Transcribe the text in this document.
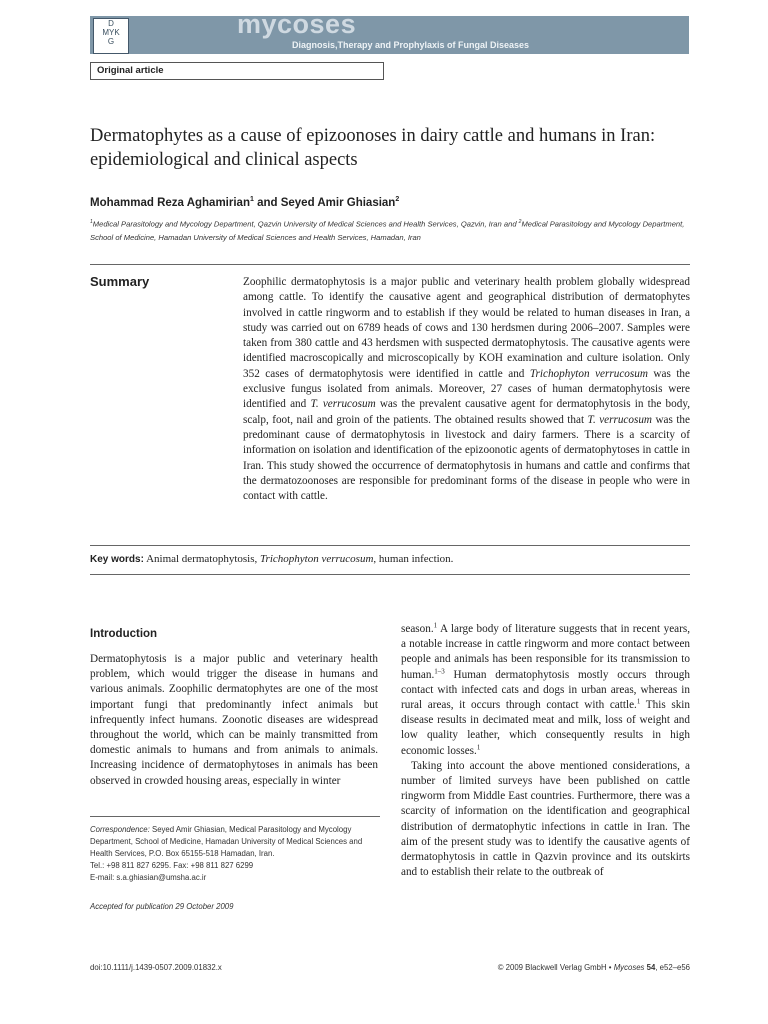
D
MYK
G
mycoses
Diagnosis,Therapy and Prophylaxis of Fungal Diseases
Original article
Dermatophytes as a cause of epizoonoses in dairy cattle and humans in Iran: epidemiological and clinical aspects
Mohammad Reza Aghamirian$^1$ and Seyed Amir Ghiasian$^2$
$^1$Medical Parasitology and Mycology Department, Qazvin University of Medical Sciences and Health Services, Qazvin, Iran and $^2$Medical Parasitology and Mycology Department, School of Medicine, Hamadan University of Medical Sciences and Health Services, Hamadan, Iran
Summary	Zoophilic dermatophytosis is a major public and veterinary health problem globally widespread among cattle. To identify the causative agent and geographical distribution of dermatophytes involved in cattle ringworm and to establish if they would be related to human diseases in Iran, a study was carried out on 6789 heads of cows and 130 herdsmen during 2006–2007. Samples were taken from 380 cattle and 43 herdsmen with suspected dermatophytosis. The causative agents were identified macroscopically and microscopically by KOH examination and culture isolation. Only 352 cases of dermatophytosis were identified in cattle and Trichophyton verrucosum was the exclusive fungus isolated from animals. Moreover, 27 cases of human dermatophytosis were identified and T. verrucosum was the prevalent causative agent for dermatophytosis in the body, scalp, foot, nail and groin of the patients. The obtained results showed that T. verrucosum was the predominant cause of dermatophytosis in livestock and dairy farmers. There is a scarcity of information on isolation and identification of the epizoonotic agents of dermatophytoses in cattle in Iran. This study showed the occurrence of dermatophytosis in humans and cattle and confirms that the dermatozoonoses are responsible for predominant forms of the disease in people who were in contact with cattle.

Key words: Animal dermatophytosis, Trichophyton verrucosum, human infection.
Introduction

Dermatophytosis is a major public and veterinary health problem, which would trigger the disease in humans and various animals. Zoophilic dermatophytes are one of the most important fungi that predominantly infect animals but infrequently infect humans. Zoonotic diseases are widespread throughout the world, which can be mainly transmitted from domestic animals to humans and from animals to animals. Increasing incidence of dermatophytoses in animals has been observed in crowded housing areas, especially in winter

season.$^1$ A large body of literature suggests that in recent years, a notable increase in cattle ringworm and more contact between people and animals has been responsible for its transmission to human.$^{1-3}$ Human dermatophytosis mostly occurs through contact with infected cats and dogs in urban areas, whereas in rural areas, it occurs through contact with cattle.$^1$ This skin disease results in decimated meat and milk, loss of weight and low quality leather, which consequently results in high economic losses.$^1$

Taking into account the above mentioned considerations, a number of limited surveys have been published on cattle ringworm from Middle East countries. Furthermore, there was a scarcity of information on the identification and geographical distribution of dermatophytic infections in cattle in Iran. The aim of the present study was to identify the causative agents of dermatophytosis in cattle in Qazvin province and its outskirts and to establish their relate to the outbreak of

Correspondence: Seyed Amir Ghiasian, Medical Parasitology and Mycology Department, School of Medicine, Hamadan University of Medical Sciences and Health Services, P.O. Box 65155-518 Hamadan, Iran.
Tel.: +98 811 827 6295. Fax: +98 811 827 6299
E-mail: s.a.ghiasian@umsha.ac.ir
Accepted for publication 29 October 2009
doi:10.1111/j.1439-0507.2009.01832.x	© 2009 Blackwell Verlag GmbH • Mycoses 54, e52–e56
